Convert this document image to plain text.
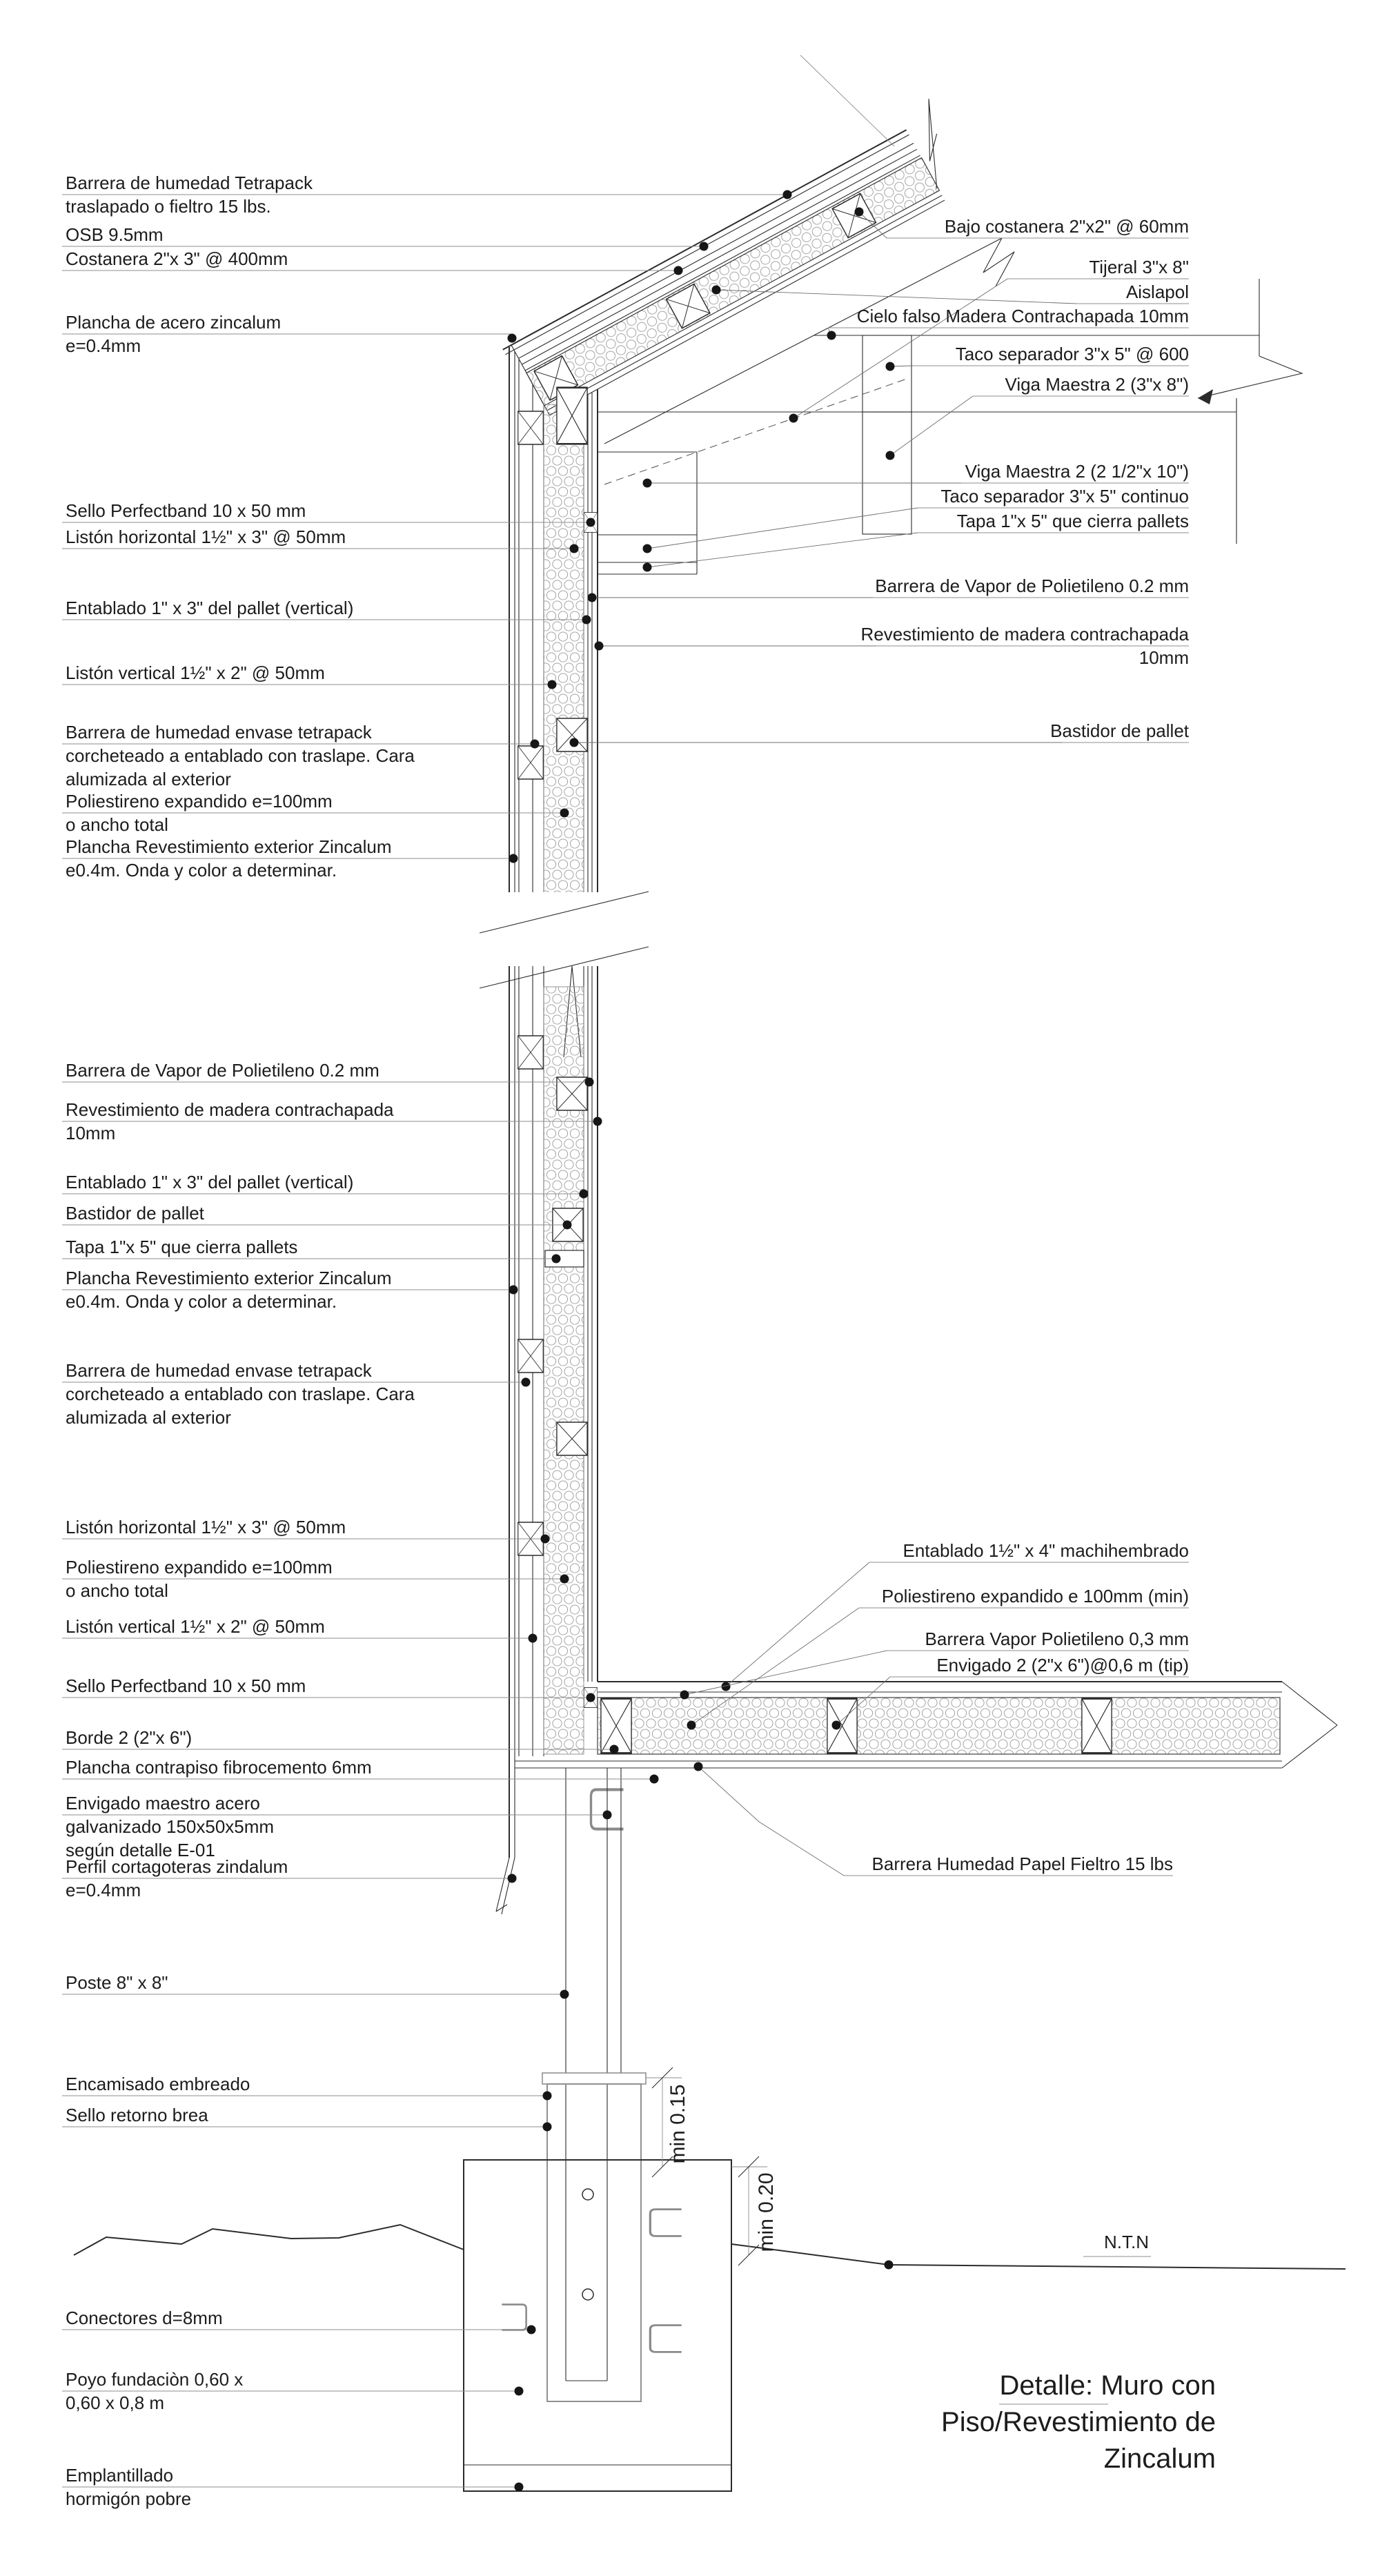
Barrera de humedad Tetrapack
traslapado o fieltro 15 lbs.
OSB 9.5mm
Costanera 2"x 3" @ 400mm
Plancha de acero zincalum
e=0.4mm
Sello Perfectband 10 x 50 mm
Listón horizontal 1½" x 3" @ 50mm
Entablado 1" x 3" del pallet (vertical)
Listón vertical 1½" x 2" @ 50mm
Barrera de humedad envase tetrapack
corcheteado a entablado con traslape. Cara
alumizada al exterior
Poliestireno expandido e=100mm
o ancho total
Plancha Revestimiento exterior Zincalum
e0.4m. Onda y color a determinar.
Barrera de Vapor de Polietileno 0.2 mm
Revestimiento de madera contrachapada
10mm
Entablado 1" x 3" del pallet (vertical)
Bastidor de pallet
Tapa 1"x 5" que cierra pallets
Plancha Revestimiento exterior Zincalum
e0.4m. Onda y color a determinar.
Barrera de humedad envase tetrapack
corcheteado a entablado con traslape. Cara
alumizada al exterior
Listón horizontal 1½" x 3" @ 50mm
Poliestireno expandido e=100mm
o ancho total
Listón vertical 1½" x 2" @ 50mm
Sello Perfectband 10 x 50 mm
Borde 2 (2"x 6")
Plancha contrapiso fibrocemento 6mm
Envigado maestro acero
galvanizado 150x50x5mm
según detalle E-01
Perfil cortagoteras zindalum
e=0.4mm
Poste 8" x 8"
Encamisado embreado
Sello retorno brea
Conectores d=8mm
Poyo fundaciòn 0,60 x
0,60 x 0,8 m
Emplantillado
hormigón pobre
Bajo costanera 2"x2" @ 60mm
Tijeral 3"x 8"
Aislapol
Cielo falso Madera Contrachapada 10mm
Taco separador 3"x 5" @ 600
Viga Maestra 2 (3"x 8")
Viga Maestra 2 (2 1/2"x 10")
Taco separador 3"x 5" continuo
Tapa 1"x 5" que cierra pallets
Barrera de Vapor de Polietileno 0.2 mm
Revestimiento de madera contrachapada
10mm
Bastidor de pallet
Entablado 1½" x 4" machihembrado
Poliestireno expandido e 100mm (min)
Barrera Vapor Polietileno 0,3 mm
Envigado 2 (2"x 6")@0,6 m (tip)
Barrera Humedad Papel Fieltro 15 lbs
min 0.15
min 0.20	N.T.N
Detalle: Muro con
Piso/Revestimiento de
Zincalum
